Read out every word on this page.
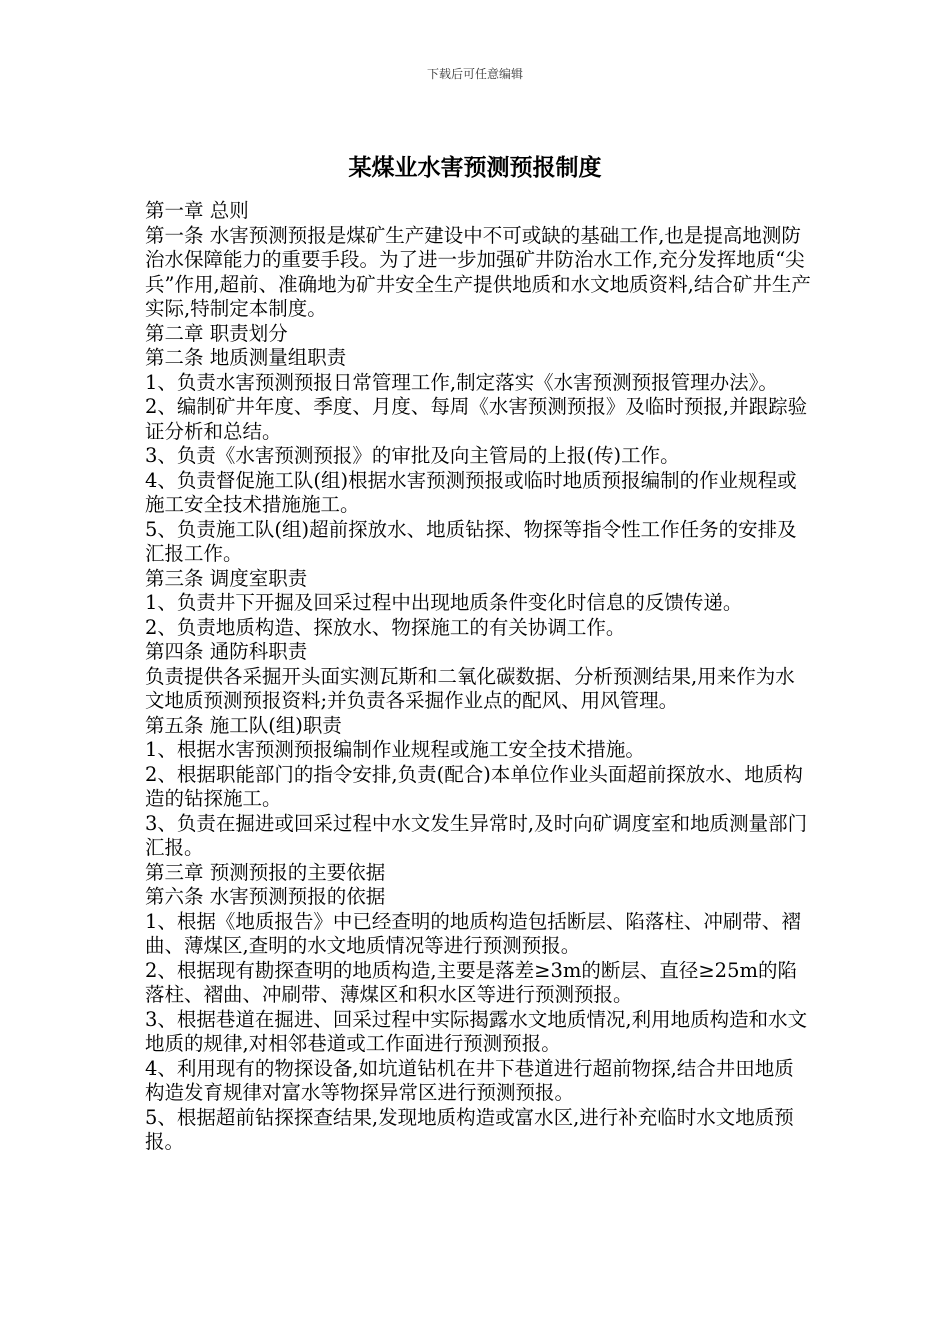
下载后可任意编辑
某煤业水害预测预报制度

第一章 总则

第一条 水害预测预报是煤矿生产建设中不可或缺的基础工作,也是提高地测防治水保障能力的重要手段。为了进一步加强矿井防治水工作,充分发挥地质“尖兵”作用,超前、准确地为矿井安全生产提供地质和水文地质资料,结合矿井生产实际,特制定本制度。

第二章 职责划分

第二条 地质测量组职责

1、负责水害预测预报日常管理工作,制定落实《水害预测预报管理办法》。

2、编制矿井年度、季度、月度、每周《水害预测预报》及临时预报,并跟踪验证分析和总结。

3、负责《水害预测预报》的审批及向主管局的上报(传)工作。

4、负责督促施工队(组)根据水害预测预报或临时地质预报编制的作业规程或施工安全技术措施施工。

5、负责施工队(组)超前探放水、地质钻探、物探等指令性工作任务的安排及汇报工作。

第三条 调度室职责

1、负责井下开掘及回采过程中出现地质条件变化时信息的反馈传递。

2、负责地质构造、探放水、物探施工的有关协调工作。

第四条 通防科职责

负责提供各采掘开头面实测瓦斯和二氧化碳数据、分析预测结果,用来作为水文地质预测预报资料;并负责各采掘作业点的配风、用风管理。

第五条 施工队(组)职责

1、根据水害预测预报编制作业规程或施工安全技术措施。

2、根据职能部门的指令安排,负责(配合)本单位作业头面超前探放水、地质构造的钻探施工。

3、负责在掘进或回采过程中水文发生异常时,及时向矿调度室和地质测量部门汇报。

第三章 预测预报的主要依据

第六条 水害预测预报的依据

1、根据《地质报告》中已经查明的地质构造包括断层、陷落柱、冲刷带、褶曲、薄煤区,查明的水文地质情况等进行预测预报。

2、根据现有勘探查明的地质构造,主要是落差≥3m的断层、直径≥25m的陷落柱、褶曲、冲刷带、薄煤区和积水区等进行预测预报。

3、根据巷道在掘进、回采过程中实际揭露水文地质情况,利用地质构造和水文地质的规律,对相邻巷道或工作面进行预测预报。

4、利用现有的物探设备,如坑道钻机在井下巷道进行超前物探,结合井田地质构造发育规律对富水等物探异常区进行预测预报。

5、根据超前钻探探查结果,发现地质构造或富水区,进行补充临时水文地质预报。
